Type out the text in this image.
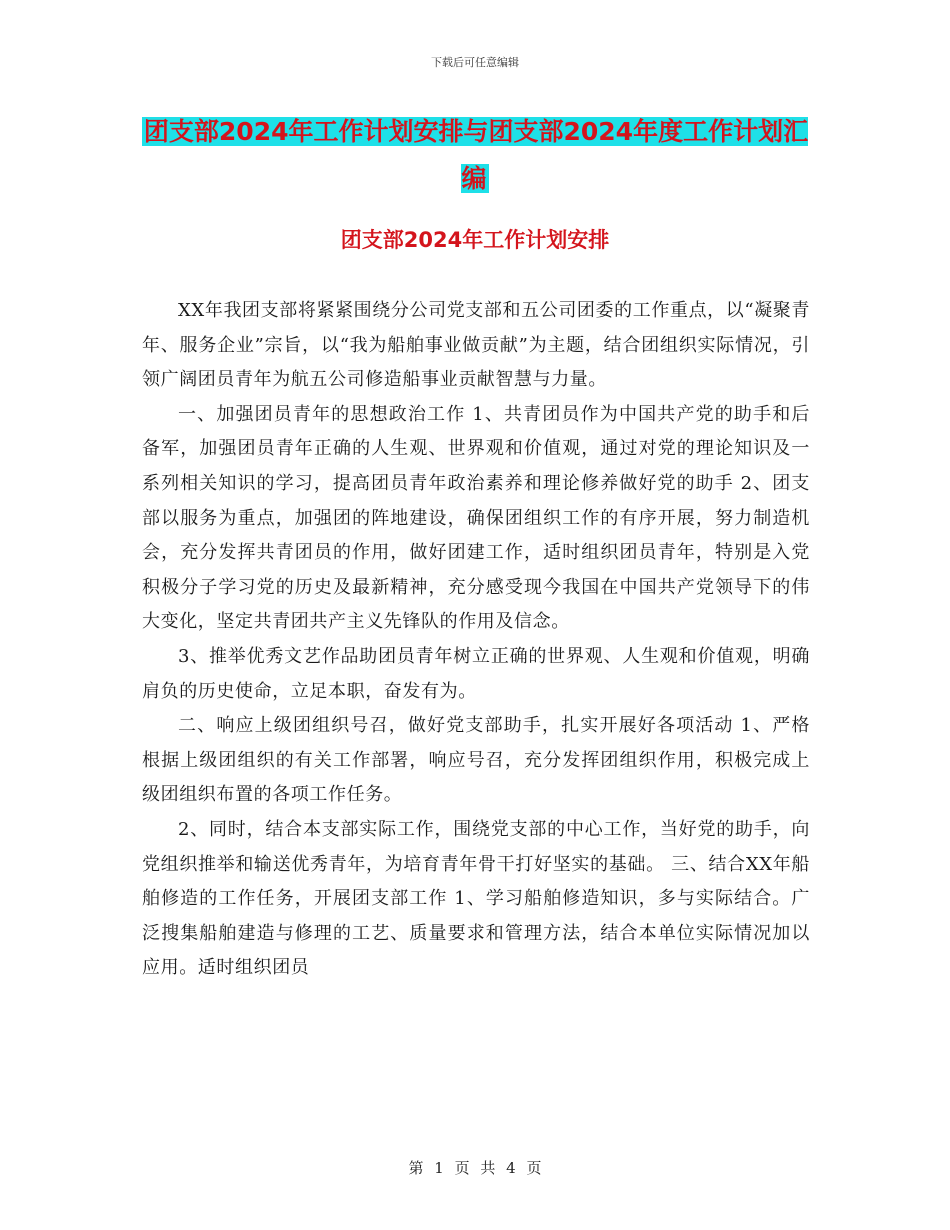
下载后可任意编辑
团支部2024年工作计划安排与团支部2024年度工作计划汇编
团支部2024年工作计划安排

XX年我团支部将紧紧围绕分公司党支部和五公司团委的工作重点，以“凝聚青年、服务企业”宗旨，以“我为船舶事业做贡献”为主题，结合团组织实际情况，引领广阔团员青年为航五公司修造船事业贡献智慧与力量。

一、加强团员青年的思想政治工作 1、共青团员作为中国共产党的助手和后备军，加强团员青年正确的人生观、世界观和价值观，通过对党的理论知识及一系列相关知识的学习，提高团员青年政治素养和理论修养做好党的助手 2、团支部以服务为重点，加强团的阵地建设，确保团组织工作的有序开展，努力制造机会，充分发挥共青团员的作用，做好团建工作，适时组织团员青年，特别是入党积极分子学习党的历史及最新精神，充分感受现今我国在中国共产党领导下的伟大变化，坚定共青团共产主义先锋队的作用及信念。

3、推举优秀文艺作品助团员青年树立正确的世界观、人生观和价值观，明确肩负的历史使命，立足本职，奋发有为。

二、响应上级团组织号召，做好党支部助手，扎实开展好各项活动 1、严格根据上级团组织的有关工作部署，响应号召，充分发挥团组织作用，积极完成上级团组织布置的各项工作任务。

2、同时，结合本支部实际工作，围绕党支部的中心工作，当好党的助手，向党组织推举和输送优秀青年，为培育青年骨干打好坚实的基础。 三、结合XX年船舶修造的工作任务，开展团支部工作 1、学习船舶修造知识，多与实际结合。广泛搜集船舶建造与修理的工艺、质量要求和管理方法，结合本单位实际情况加以应用。适时组织团员

第 1 页 共 4 页
